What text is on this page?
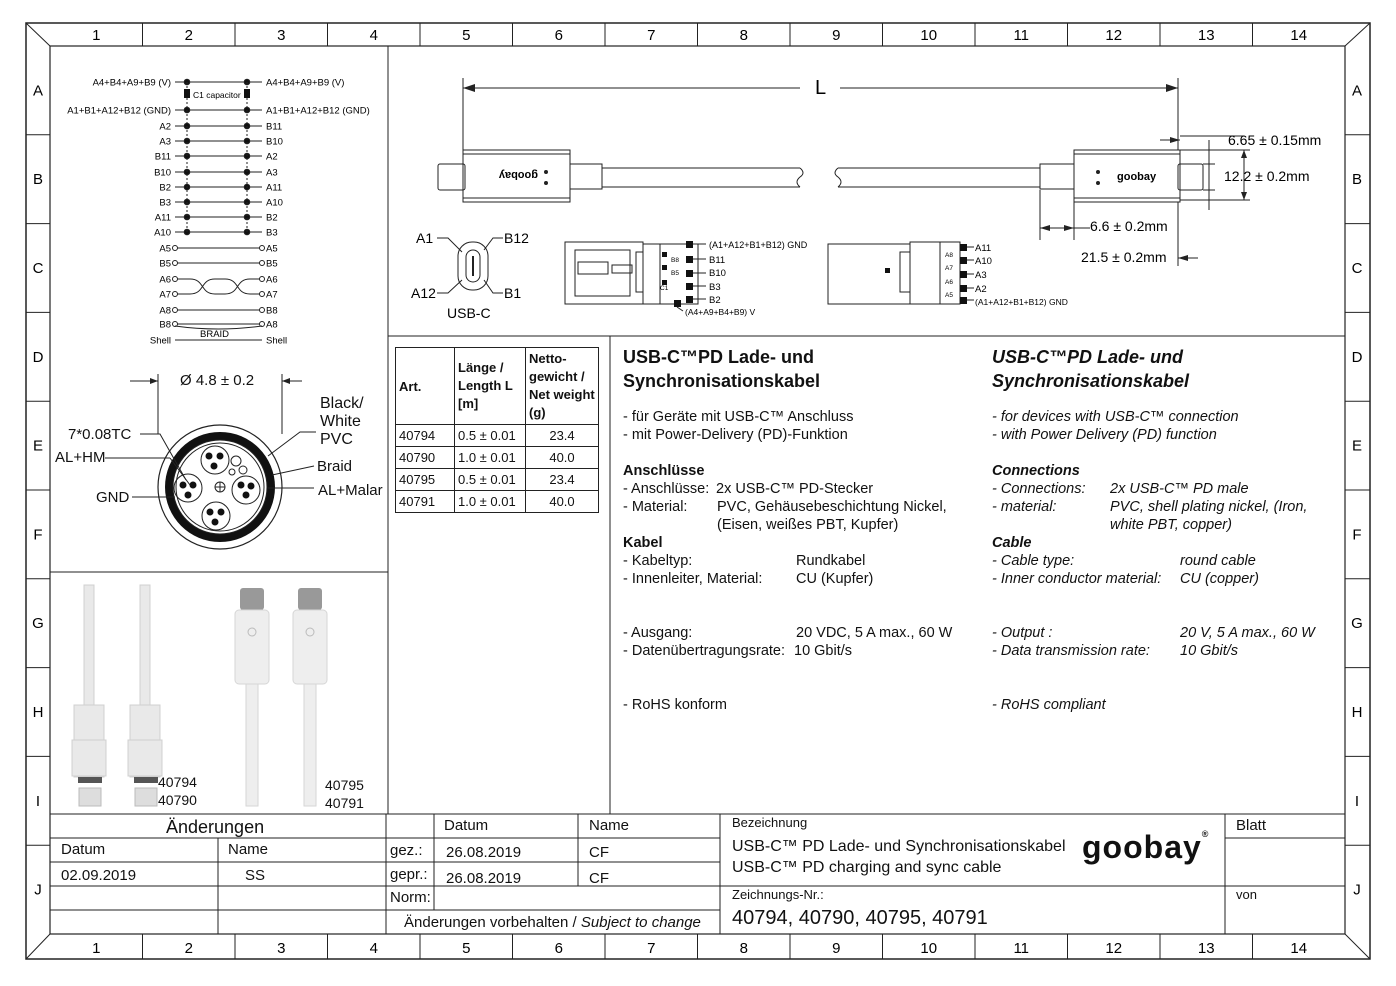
1
1
2
2
3
3
4
4
5
5
6
6
7
7
8
8
9
9
10
10
11
11
12
12
13
13
14
14
A	A
B	B
C	C
D	D
E	E
F	F
G	G
H	H
I	I
J	J
A4+B4+A9+B9 (V)	A4+B4+A9+B9 (V)
A1+B1+A12+B12 (GND)	A1+B1+A12+B12 (GND)
A2	B11
A3	B10
B11	A2
B10	A3
B2	A11
B3	A10
A11	B2
A10	B3
A5	A5
B5	B5
A6	A6
A7	A7
A8	B8
B8	A8
Shell	Shell
C1 capacitor
BRAID
L
6.65 ± 0.15mm
12.2 ± 0.2mm
6.6 ± 0.2mm
21.5 ± 0.2mm
goobay	goobay
A1	B12
A12	B1
USB-C
(A1+A12+B1+B12) GND
B11
B10
B3
B2
(A4+A9+B4+B9) V
B8
B5
C1
A11
A10
A3
A2
(A1+A12+B1+B12) GND
A8
A7
A6
A5
Black/
White
PVC
Ø 4.8 ± 0.2
7*0.08TC
AL+HM
GND
Braid
AL+Malar
40794
40790
40795
40791
Art.	Länge / Length L [m]	Netto-gewicht / Net weight (g)
40794	0.5 ± 0.01	23.4
40790	1.0 ± 0.01	40.0
40795	0.5 ± 0.01	23.4
40791	1.0 ± 0.01	40.0
USB-C™PD Lade- und
Synchronisationskabel
- für Geräte mit USB-C™ Anschluss
- mit Power-Delivery (PD)-Funktion
Anschlüsse
- Anschlüsse: 2x USB-C™ PD-Stecker
- Material: PVC, Gehäusebeschichtung Nickel,
(Eisen, weißes PBT, Kupfer)
Kabel
- Kabeltyp:	Rundkabel
- Innenleiter, Material: CU (Kupfer)
- Ausgang:	20 VDC, 5 A max., 60 W
- Datenübertragungsrate: 10 Gbit/s
- RoHS konform
USB-C™PD Lade- und
Synchronisationskabel
- for devices with USB-C™ connection
- with Power Delivery (PD) function
Connections
- Connections: 2x USB-C™ PD male
- material:	PVC, shell plating nickel, (Iron,
white PBT, copper)
Cable
- Cable type:	round cable
- Inner conductor material: CU (copper)
- Output :	20 V, 5 A max., 60 W
- Data transmission rate: 10 Gbit/s
- RoHS compliant
Änderungen
Datum	Name
02.09.2019	SS
Datum	Name
gez.:
gepr.:
Norm:
26.08.2019	CF
26.08.2019	CF
Änderungen vorbehalten / Subject to change
Bezeichnung
USB-C™ PD Lade- und Synchronisationskabel
USB-C™ PD charging and sync cable
goobay® Blatt
von
Zeichnungs-Nr.:
40794, 40790, 40795, 40791
